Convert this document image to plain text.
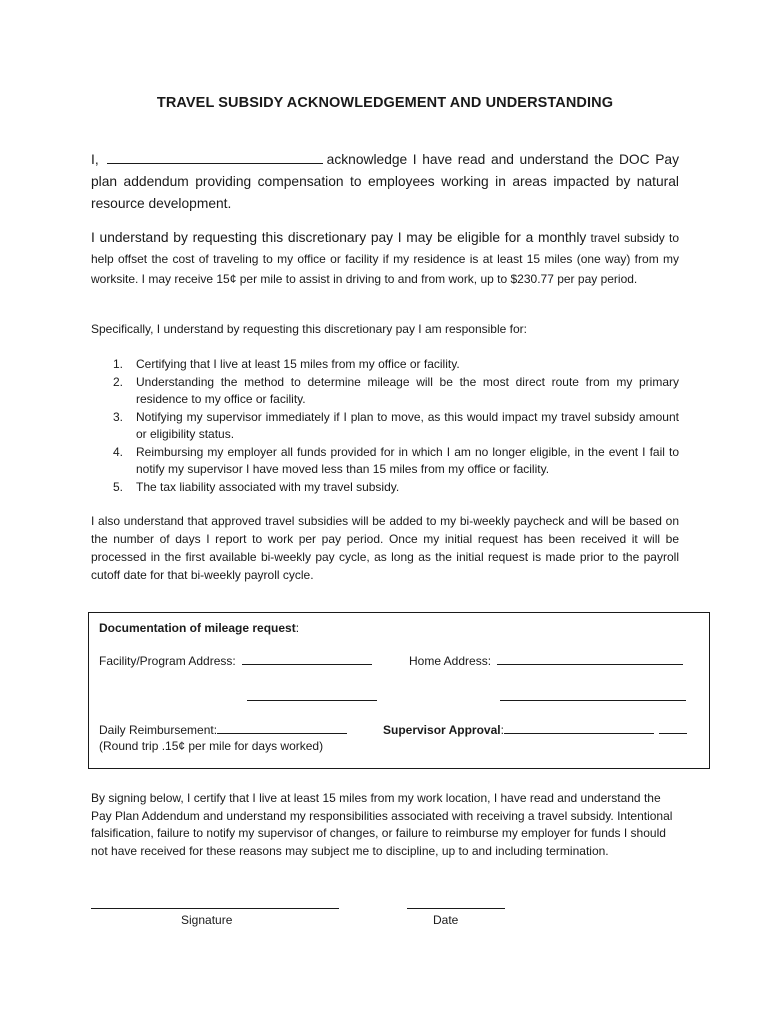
TRAVEL SUBSIDY ACKNOWLEDGEMENT AND UNDERSTANDING
I,	acknowledge I have read and understand the DOC Pay plan addendum providing compensation to employees working in areas impacted by natural resource development.
I understand by requesting this discretionary pay I may be eligible for a monthly travel subsidy to help offset the cost of traveling to my office or facility if my residence is at least 15 miles (one way) from my worksite. I may receive 15¢ per mile to assist in driving to and from work, up to $230.77 per pay period.
Specifically, I understand by requesting this discretionary pay I am responsible for:
1. Certifying that I live at least 15 miles from my office or facility.
2. Understanding the method to determine mileage will be the most direct route from my primary residence to my office or facility.
3. Notifying my supervisor immediately if I plan to move, as this would impact my travel subsidy amount or eligibility status.
4. Reimbursing my employer all funds provided for in which I am no longer eligible, in the event I fail to notify my supervisor I have moved less than 15 miles from my office or facility.
5. The tax liability associated with my travel subsidy.
I also understand that approved travel subsidies will be added to my bi-weekly paycheck and will be based on the number of days I report to work per pay period. Once my initial request has been received it will be processed in the first available bi-weekly pay cycle, as long as the initial request is made prior to the payroll cutoff date for that bi-weekly payroll cycle.
Documentation of mileage request:
Facility/Program Address:	Home Address:
Daily Reimbursement:
(Round trip .15¢ per mile for days worked)
Supervisor Approval:
By signing below, I certify that I live at least 15 miles from my work location, I have read and understand the Pay Plan Addendum and understand my responsibilities associated with receiving a travel subsidy. Intentional falsification, failure to notify my supervisor of changes, or failure to reimburse my employer for funds I should not have received for these reasons may subject me to discipline, up to and including termination.
Signature	Date
